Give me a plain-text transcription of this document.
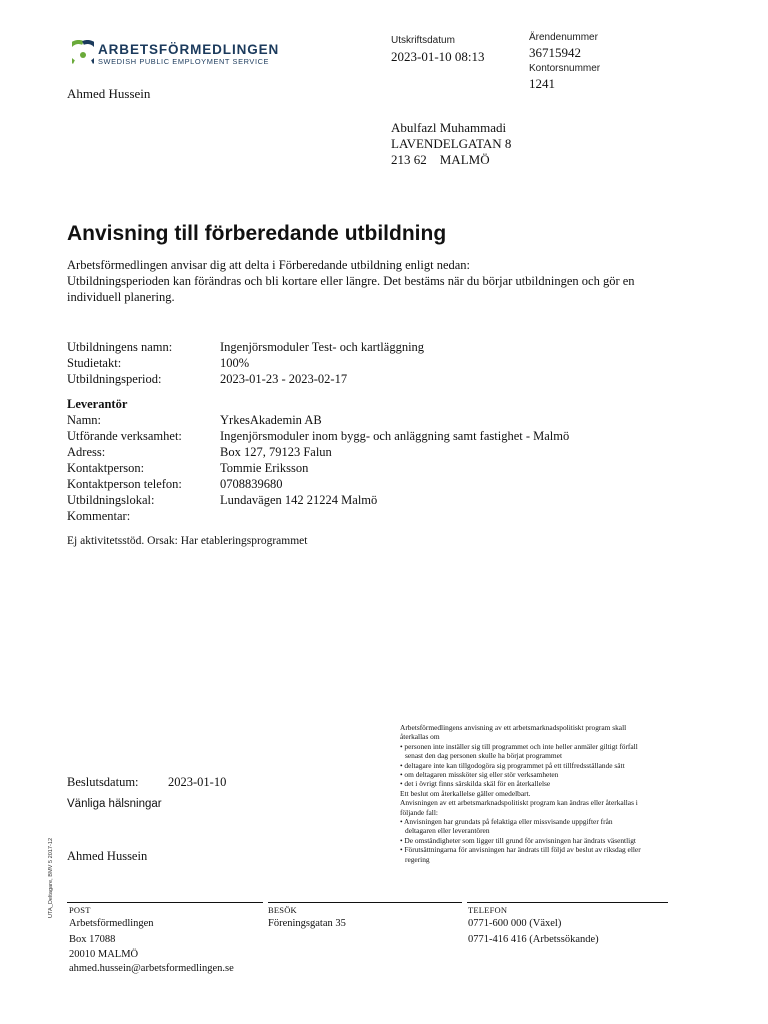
ARBETSFÖRMEDLINGEN
SWEDISH PUBLIC EMPLOYMENT SERVICE
Ahmed Hussein
Utskriftsdatum
2023-01-10 08:13
Ärendenummer
36715942
Kontorsnummer
1241
Abulfazl Muhammadi
LAVENDELGATAN 8
213 62    MALMÖ
Anvisning till förberedande utbildning
Arbetsförmedlingen anvisar dig att delta i Förberedande utbildning enligt nedan:
Utbildningsperioden kan förändras och bli kortare eller längre. Det bestäms när du börjar utbildningen och gör en
individuell planering.
Utbildningens namn:	Ingenjörsmoduler Test- och kartläggning
Studietakt:	100%
Utbildningsperiod:	2023-01-23 - 2023-02-17
Leverantör
Namn:	YrkesAkademin AB
Utförande verksamhet:	Ingenjörsmoduler inom bygg- och anläggning samt fastighet - Malmö
Adress:	Box 127, 79123 Falun
Kontaktperson:	Tommie Eriksson
Kontaktperson telefon:	0708839680
Utbildningslokal:	Lundavägen 142 21224 Malmö
Kommentar:
Ej aktivitetsstöd. Orsak: Har etableringsprogrammet
Arbetsförmedlingens anvisning av ett arbetsmarknadspolitiskt program skall
återkallas om
• personen inte inställer sig till programmet och inte heller anmäler giltigt förfall
senast den dag personen skulle ha börjat programmet
• deltagare inte kan tillgodogöra sig programmet på ett tillfredsställande sätt
• om deltagaren missköter sig eller stör verksamheten
• det i övrigt finns särskilda skäl för en återkallelse
Ett beslut om återkallelse gäller omedelbart.
Anvisningen av ett arbetsmarknadspolitiskt program kan ändras eller återkallas i
följande fall:
• Anvisningen har grundats på felaktiga eller missvisande uppgifter från
deltagaren eller leverantören
• De omständigheter som ligger till grund för anvisningen har ändrats väsentligt
• Förutsättningarna för anvisningen har ändrats till följd av beslut av riksdag eller
regering
Beslutsdatum: 2023-01-10
Vänliga hälsningar
Ahmed Hussein
UTA_Deltagare, BMV 5 2017-12 POST
Arbetsförmedlingen
Box 17088
20010 MALMÖ
ahmed.hussein@arbetsformedlingen.se
BESÖK
Föreningsgatan 35
TELEFON
0771-600 000 (Växel)
0771-416 416 (Arbetssökande)
